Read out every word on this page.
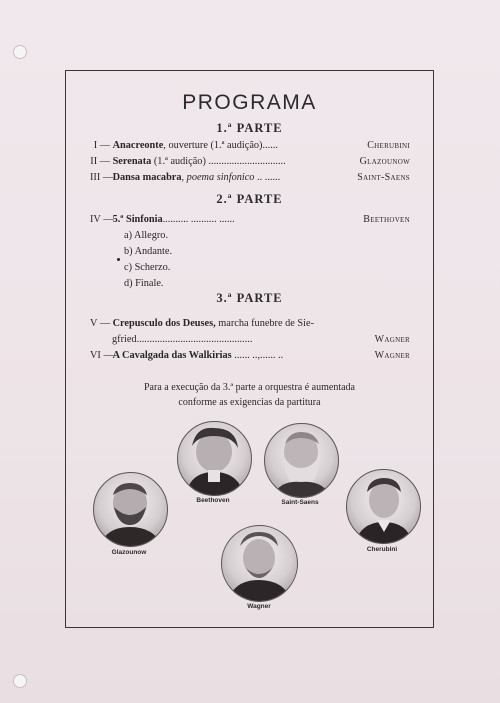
PROGRAMA
1.ª PARTE
I — Anacreonte, ouverture (1.ª audição)......	Cherubini
II — Serenata (1.ª audição) ..............................	Glazounow
III — Dansa macabra, poema sinfonico .. ......	Saint-Saens
2.ª PARTE
IV — 5.ª Sinfonia.......... .......... ......	Beethoven
a) Allegro.
b) Andante.
c) Scherzo.
d) Finale.
3.ª PARTE
V — Crepusculo dos Deuses, marcha funebre de Sie-
gfried.............................................	Wagner
VI — A Cavalgada das Walkirias ...... ..,...... ..	Wagner
Para a execução da 3.ª parte a orquestra é aumentada
conforme as exigencias da partitura
Beethoven	Saint-Saens
Glazounow	Cherubini
Wagner
